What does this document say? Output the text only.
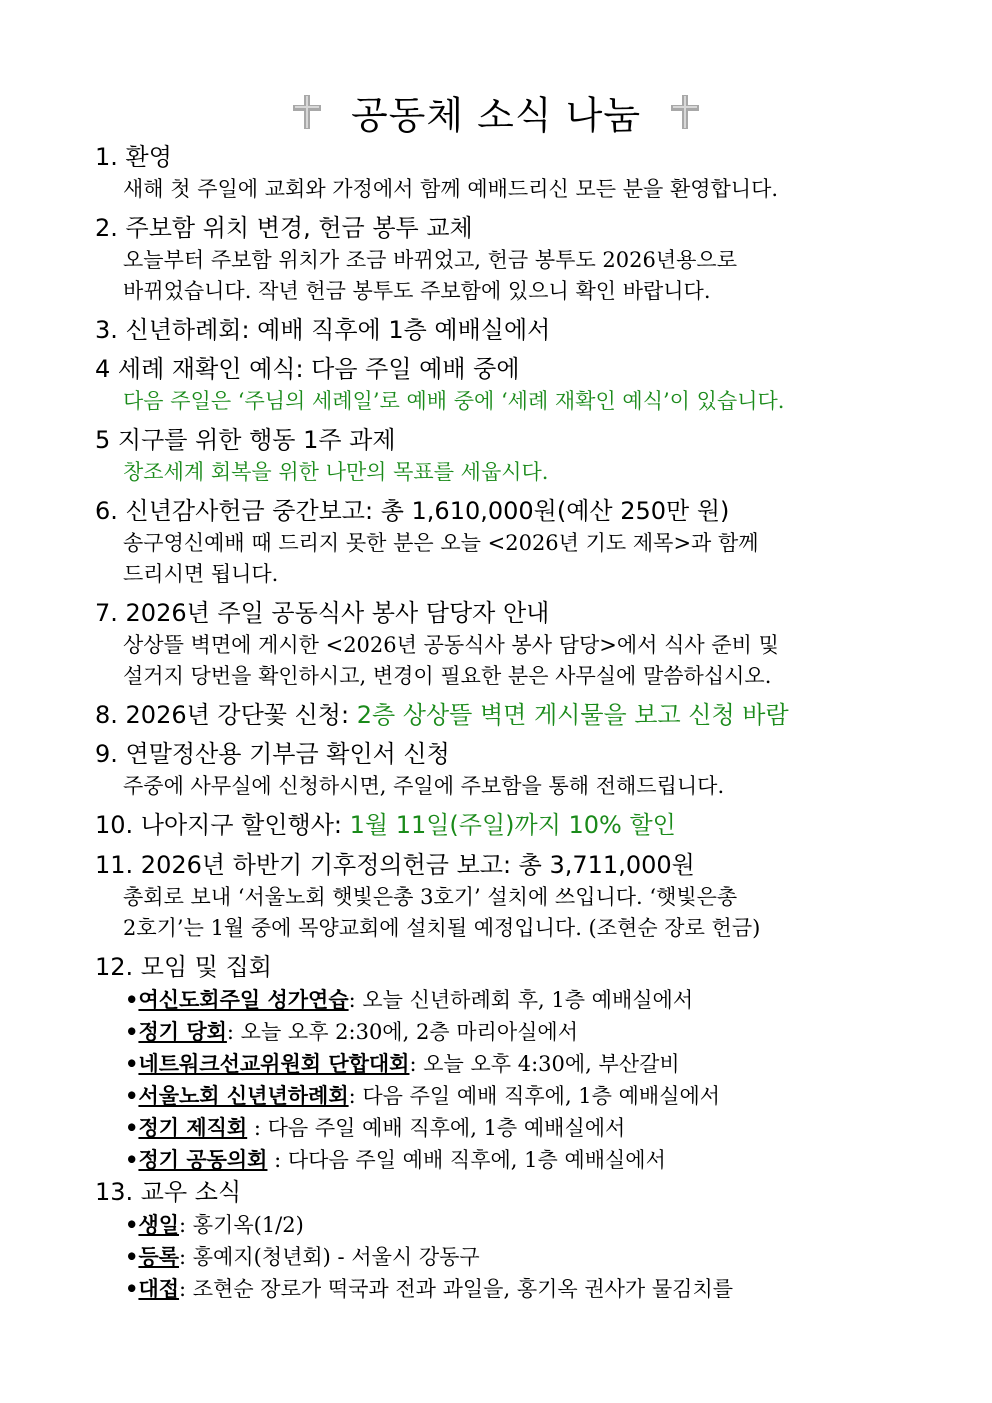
공동체 소식 나눔
1. 환영
새해 첫 주일에 교회와 가정에서 함께 예배드리신 모든 분을 환영합니다.
2. 주보함 위치 변경, 헌금 봉투 교체
오늘부터 주보함 위치가 조금 바뀌었고, 헌금 봉투도 2026년용으로
바뀌었습니다. 작년 헌금 봉투도 주보함에 있으니 확인 바랍니다.
3. 신년하례회: 예배 직후에 1층 예배실에서
4 세례 재확인 예식: 다음 주일 예배 중에
다음 주일은 ‘주님의 세례일’로 예배 중에 ‘세례 재확인 예식’이 있습니다.
5 지구를 위한 행동 1주 과제
창조세계 회복을 위한 나만의 목표를 세웁시다.
6. 신년감사헌금 중간보고: 총 1,610,000원(예산 250만 원)
송구영신예배 때 드리지 못한 분은 오늘 <2026년 기도 제목>과 함께
드리시면 됩니다.
7. 2026년 주일 공동식사 봉사 담당자 안내
상상뜰 벽면에 게시한 <2026년 공동식사 봉사 담당>에서 식사 준비 및
설거지 당번을 확인하시고, 변경이 필요한 분은 사무실에 말씀하십시오.
8. 2026년 강단꽃 신청: 2층 상상뜰 벽면 게시물을 보고 신청 바람
9. 연말정산용 기부금 확인서 신청
주중에 사무실에 신청하시면, 주일에 주보함을 통해 전해드립니다.
10. 나아지구 할인행사: 1월 11일(주일)까지 10% 할인
11. 2026년 하반기 기후정의헌금 보고: 총 3,711,000원
총회로 보내 ‘서울노회 햇빛은총 3호기’ 설치에 쓰입니다. ‘햇빛은총
2호기’는 1월 중에 목양교회에 설치될 예정입니다. (조현순 장로 헌금)
12. 모임 및 집회
•여신도회주일 성가연습: 오늘 신년하례회 후, 1층 예배실에서
•정기 당회: 오늘 오후 2:30에, 2층 마리아실에서
•네트워크선교위원회 단합대회: 오늘 오후 4:30에, 부산갈비
•서울노회 신년년하례회: 다음 주일 예배 직후에, 1층 예배실에서
•정기 제직회 : 다음 주일 예배 직후에, 1층 예배실에서
•정기 공동의회 : 다다음 주일 예배 직후에, 1층 예배실에서
13. 교우 소식
•생일: 홍기옥(1/2)
•등록: 홍예지(청년회) - 서울시 강동구
•대접: 조현순 장로가 떡국과 전과 과일을, 홍기옥 권사가 물김치를
